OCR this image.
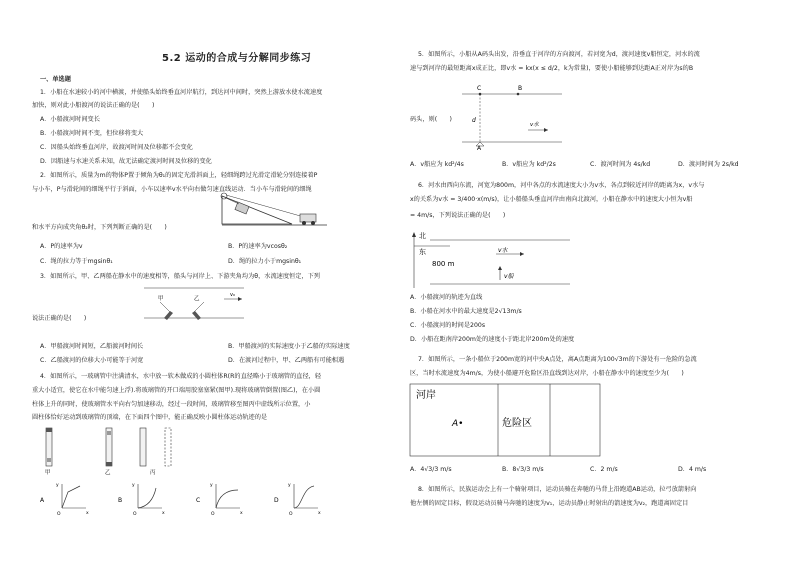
5.2 运动的合成与分解同步练习
一、单选题
1．小船在水速较小的河中横渡，并使船头始终垂直河岸航行，到达河中间时，突然上游放水使水流速度
加快，则对此小船渡河的说法正确的是(　　)
A．小船渡河时间变长
B．小船渡河时间不变，但位移将变大
C．因船头始终垂直河岸，故渡河时间及位移都不会变化
D．因船速与水速关系未知，故无法确定渡河时间及位移的变化
2．如图所示，质量为m的物体P置于倾角为θ₁的固定光滑斜面上，轻细绳跨过光滑定滑轮分别连接着P
与小车，P与滑轮间的细绳平行于斜面，小车以速率v水平向右做匀速直线运动．当小车与滑轮间的细绳
和水平方向成夹角θ₂时，下列判断正确的是(　　)
A．P的速率为v	B．P的速率为vcosθ₂
C．绳的拉力等于mgsinθ₁	D．绳的拉力小于mgsinθ₁
3．如图所示，甲、乙两船在静水中的速度相等，船头与河岸上、下游夹角均为θ，水流速度恒定，下列
甲	乙
v₀
说法正确的是(　　)
A．甲船渡河时间短，乙船渡河时间长	B．甲船渡河的实际速度小于乙船的实际速度
C．乙船渡河的位移大小可能等于河宽	D．在渡河过程中，甲、乙两船有可能相遇
4．如图所示，一玻璃管中注满清水，水中放一软木做成的小圆柱体R(R的直径略小于玻璃管的直径，轻
重大小适宜，使它在水中能匀速上浮).将玻璃管的开口端用胶塞塞紧(图甲).现将玻璃管倒置(图乙)，在小圆
柱体上升的同时，使玻璃管水平向右匀加速移动，经过一段时间，玻璃管移至图丙中虚线所示位置，小
圆柱体恰好运动到玻璃管的顶端，在下面四个图中，能正确反映小圆柱体运动轨迹的是
甲	乙	丙
A
O	x
y
B
O	x
y
C
O	x
y
D
O	x
y
5．如图所示，小船从A码头出发，沿垂直于河岸的方向渡河，若河宽为d，渡河速度v船恒定，河水的流
速与到河岸的最短距离x成正比，即v水 = kx(x ≤ d/2，k为常量)，要使小船能够到达距A正对岸为s的B
C	B
d
A
v水
码头，则(　　)
A．v船应为 kd²/4s	B．v船应为 kd²/2s	C．渡河时间为 4s/kd	D．渡河时间为 2s/kd
6．河水由西向东流，河宽为800m，河中各点的水流速度大小为v水，各点到较近河岸的距离为x，v水与
x的关系为v水 = 3/400·x(m/s)，让小船船头垂直河岸由南向北渡河，小船在静水中的速度大小恒为v船
= 4m/s，下列说法正确的是(　　)
北
东
800 m
v水
v船
A．小船渡河的轨迹为直线
B．小船在河水中的最大速度是2√13m/s
C．小船渡河的时间是200s
D．小船在距南岸200m处的速度小于距北岸200m处的速度
7．如图所示，一条小船位于200m宽的河中央A点处，离A点距离为100√3m的下游处有一危险的急流
区，当时水流速度为4m/s，为使小船避开危险区沿直线到达对岸，小船在静水中的速度至少为(　　)
河岸
A•	危险区
A．4√3/3 m/s	B．8√3/3 m/s	C．2 m/s	D．4 m/s
8．如图所示，民族运动会上有一个骑射项目，运动员骑在奔驰的马背上沿跑道AB运动，拉弓放箭射向
他左侧的固定目标，假设运动员骑马奔驰的速度为v₁，运动员静止时射出的箭速度为v₂，跑道离固定目
